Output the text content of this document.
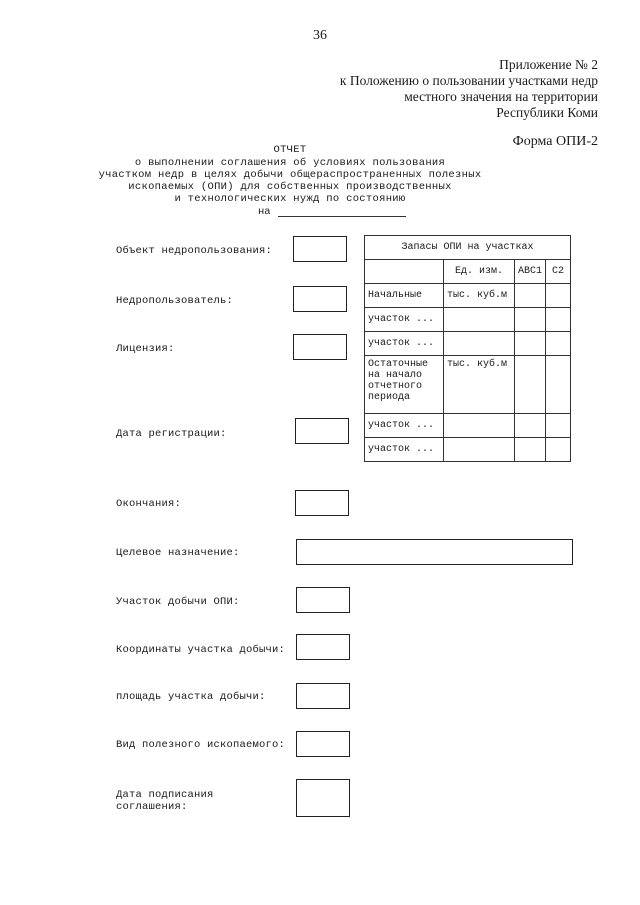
36
Приложение № 2
к Положению о пользовании участками недр
местного значения на территории
Республики Коми
Форма ОПИ-2
ОТЧЕТ
о выполнении соглашения об условиях пользования
участком недр в целях добычи общераспространенных полезных
ископаемых (ОПИ) для собственных производственных
и технологических нужд по состоянию
на
Объект недропользования:
Недропользователь:
Лицензия:
Дата регистрации:
Окончания:
Целевое назначение:
Участок добычи ОПИ:
Координаты участка добычи:
площадь участка добычи:
Вид полезного ископаемого:
Дата подписания
соглашения:
Запасы ОПИ на участках			
	Ед. изм.	АВС1	С2
Начальные	тыс. куб.м		
участок ...			
участок ...			
Остаточные на начало отчетного периода	тыс. куб.м		
участок ...			
участок ...			
